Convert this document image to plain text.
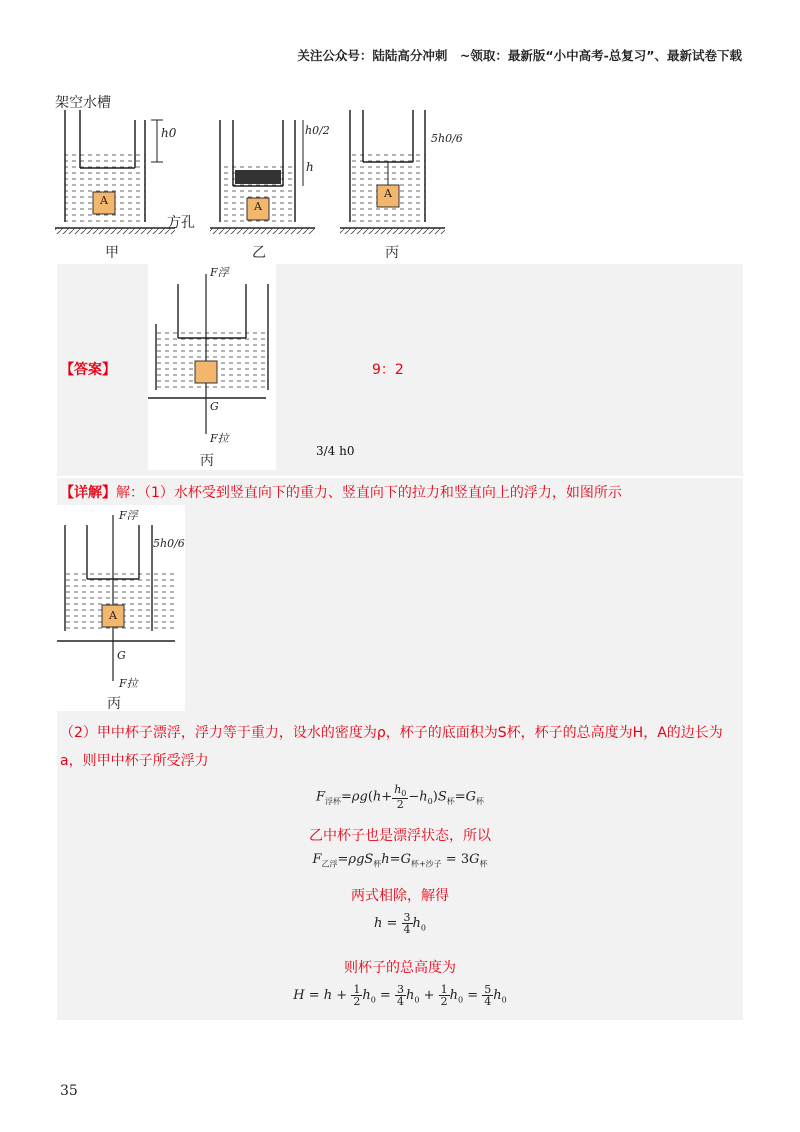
关注公众号：陆陆高分冲刺　~领取：最新版“小中高考-总复习”、最新试卷下载
架空水槽
A	A
A
h0	h0/2
h
5h0/6
方孔
甲	乙	丙
F浮
G
F拉
丙
【答案】	9：2
3/4 h0
【详解】解：（1）水杯受到竖直向下的重力、竖直向下的拉力和竖直向上的浮力，如图所示
F浮
5h0/6
A
G
F拉
丙
（2）甲中杯子漂浮，浮力等于重力，设水的密度为ρ，杯子的底面积为S杯，杯子的总高度为H，A的边长为
a，则甲中杯子所受浮力
$F_{浮杯}=\rho g(h+ \frac{h_0}{2} -h_0)S_杯=G_杯$
乙中杯子也是漂浮状态，所以
$F_{乙浮}=\rho gS_杯h=G_{杯+沙子} = 3G_杯$
两式相除，解得
$h = \frac{3}{4} h_0$
则杯子的总高度为
$H = h + \frac{1}{2} h_0 = \frac{3}{4} h_0 + \frac{1}{2} h_0 = \frac{5}{4} h_0$
35
